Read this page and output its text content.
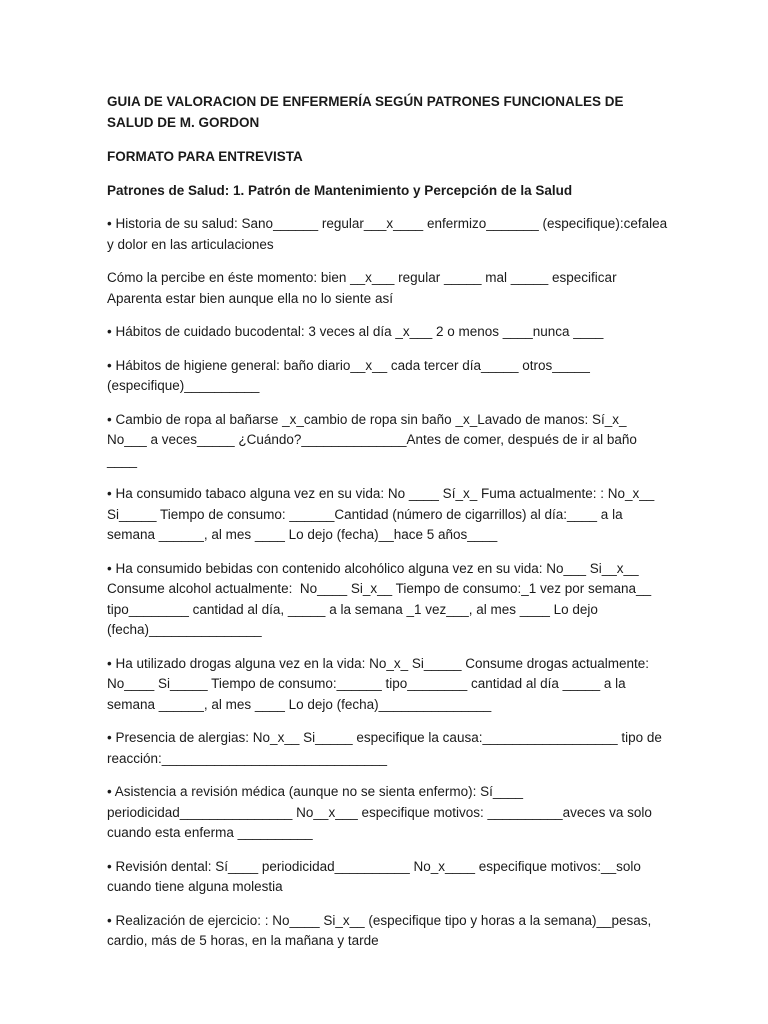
GUIA DE VALORACION DE ENFERMERÍA SEGÚN PATRONES FUNCIONALES DE SALUD DE M. GORDON

FORMATO PARA ENTREVISTA

Patrones de Salud: 1. Patrón de Mantenimiento y Percepción de la Salud

• Historia de su salud: Sano______ regular___x____ enfermizo_______ (especifique):cefalea y dolor en las articulaciones

Cómo la percibe en éste momento: bien __x___ regular _____ mal _____ especificar Aparenta estar bien aunque ella no lo siente así

• Hábitos de cuidado bucodental: 3 veces al día _x___ 2 o menos ____nunca ____

• Hábitos de higiene general: baño diario__x__ cada tercer día_____ otros_____ (especifique)__________

• Cambio de ropa al bañarse _x_cambio de ropa sin baño _x_Lavado de manos: Sí_x_ No___ a veces_____ ¿Cuándo?______________Antes de comer, después de ir al baño ____

• Ha consumido tabaco alguna vez en su vida: No ____ Sí_x_ Fuma actualmente: : No_x__ Si_____ Tiempo de consumo: ______Cantidad (número de cigarrillos) al día:____ a la semana ______, al mes ____ Lo dejo (fecha)__hace 5 años____

• Ha consumido bebidas con contenido alcohólico alguna vez en su vida: No___ Si__x__ Consume alcohol actualmente:  No____ Si_x__ Tiempo de consumo:_1 vez por semana__ tipo________ cantidad al día, _____ a la semana _1 vez___, al mes ____ Lo dejo (fecha)_______________

• Ha utilizado drogas alguna vez en la vida: No_x_ Si_____ Consume drogas actualmente: No____ Si_____ Tiempo de consumo:______ tipo________ cantidad al día _____ a la semana ______, al mes ____ Lo dejo (fecha)_______________

• Presencia de alergias: No_x__ Si_____ especifique la causa:__________________ tipo de reacción:______________________________

• Asistencia a revisión médica (aunque no se sienta enfermo): Sí____ periodicidad_______________ No__x___ especifique motivos: __________aveces va solo cuando esta enferma __________

• Revisión dental: Sí____ periodicidad__________ No_x____ especifique motivos:__solo cuando tiene alguna molestia

• Realización de ejercicio: : No____ Si_x__ (especifique tipo y horas a la semana)__pesas, cardio, más de 5 horas, en la mañana y tarde
